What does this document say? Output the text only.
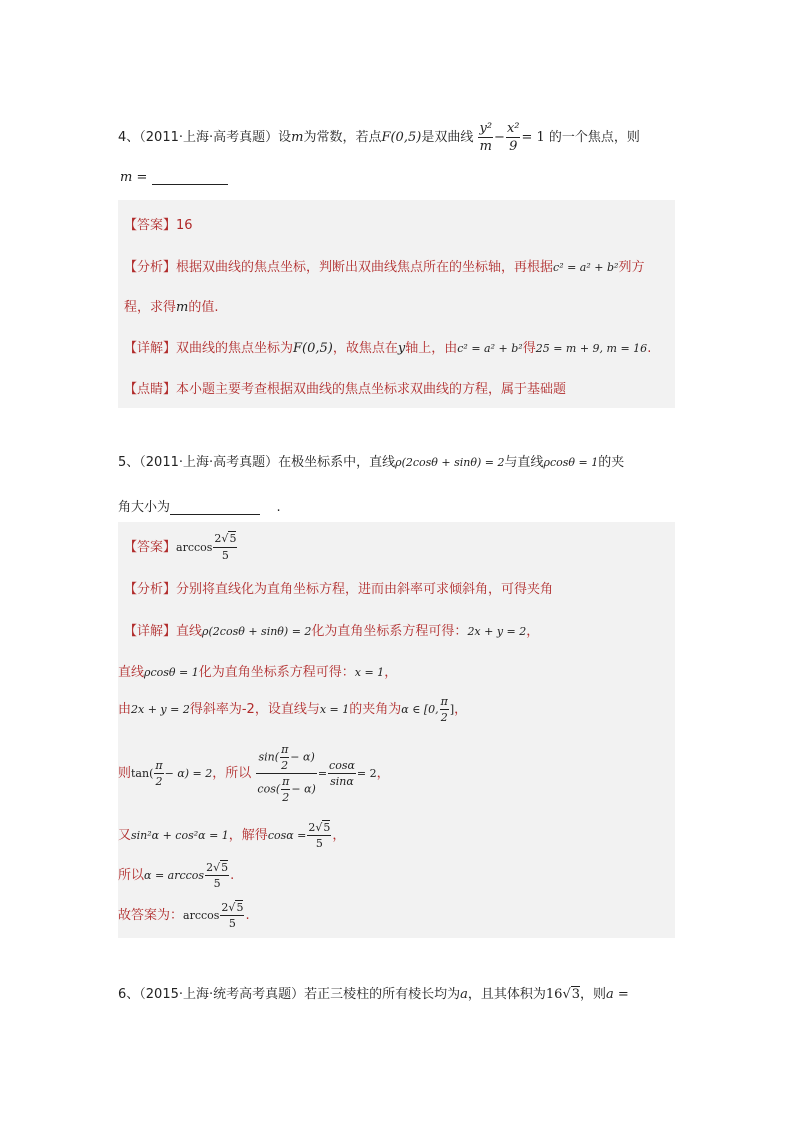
4、（2011·上海·高考真题）设m为常数，若点F(0,5)是双曲线 $\frac{\text{y²}}{m} - \frac{\text{x²}}{9} = 1$ 的一个焦点，则
m =
【答案】16
【分析】根据双曲线的焦点坐标，判断出双曲线焦点所在的坐标轴，再根据c² = a² + b²列方
程，求得m的值.
【详解】双曲线的焦点坐标为F(0,5)，故焦点在y轴上，由c² = a² + b²得25 = m + 9, m = 16.
【点睛】本小题主要考查根据双曲线的焦点坐标求双曲线的方程，属于基础题
5、（2011·上海·高考真题）在极坐标系中，直线ρ(2cosθ + sinθ) = 2与直线ρcosθ = 1的夹
角大小为	.
【答案】$\arccos \frac{2√5}{5}$
【分析】分别将直线化为直角坐标方程，进而由斜率可求倾斜角，可得夹角
【详解】直线ρ(2cosθ + sinθ) = 2化为直角坐标系方程可得：2x + y = 2，
直线ρcosθ = 1化为直角坐标系方程可得：x = 1，
由2x + y = 2得斜率为-2，设直线与x = 1的夹角为α ∈ [0, $\frac{\pi}{2}$ ]，
则$\tan( \frac{\pi}{2} - \alpha) = 2$，所以 $\frac{\sin( \frac{\pi}{2} - \alpha)}{\cos( \frac{\pi}{2} - \alpha)} = \frac{\cos\alpha}{\sin\alpha} = 2$，
又sin²α + cos²α = 1，解得$\cos\alpha = \frac{2√5}{5}$ ，
所以$\alpha = \arccos \frac{2√5}{5}$ .
故答案为：$\arccos \frac{2√5}{5}$ .
6、（2015·上海·统考高考真题）若正三棱柱的所有棱长均为a，且其体积为16√3，则a =
